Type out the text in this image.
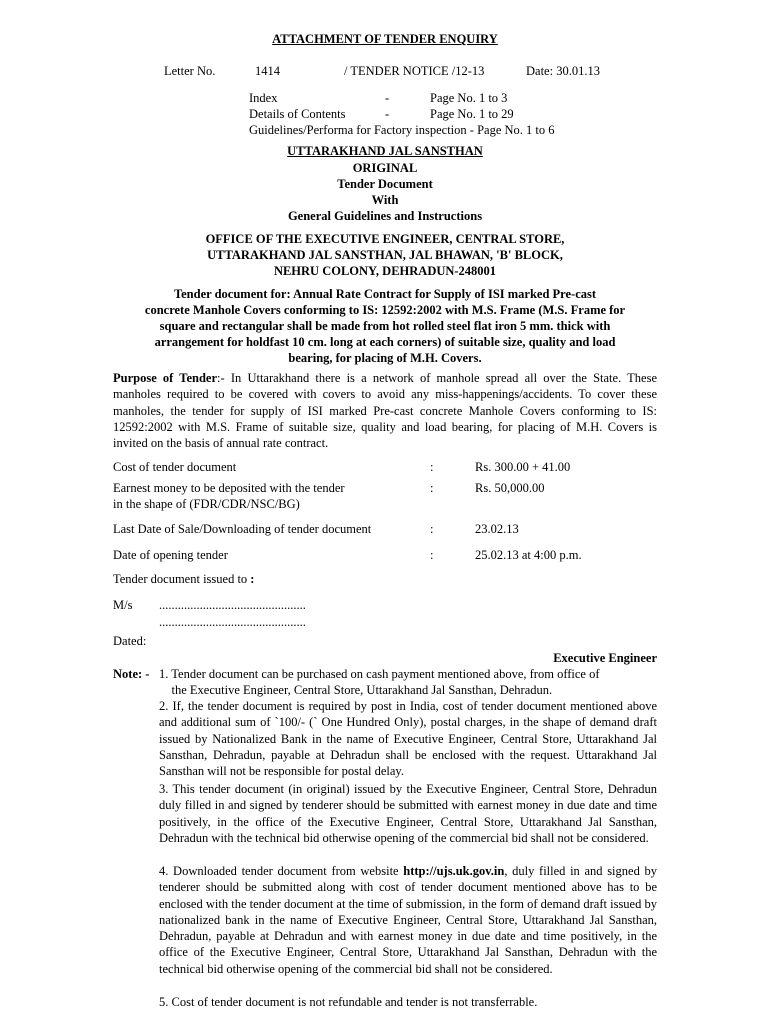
ATTACHMENT OF TENDER ENQUIRY
Letter No.	1414	/ TENDER NOTICE /12-13	Date: 30.01.13
Index	-	Page No. 1 to 3
Details of Contents	-	Page No. 1 to 29
Guidelines/Performa for Factory inspection - Page No. 1 to 6
UTTARAKHAND JAL SANSTHAN
ORIGINAL
Tender Document
With
General Guidelines and Instructions
OFFICE OF THE EXECUTIVE ENGINEER, CENTRAL STORE,
UTTARAKHAND JAL SANSTHAN, JAL BHAWAN, 'B' BLOCK,
NEHRU COLONY, DEHRADUN-248001
Tender document for: Annual Rate Contract for Supply of ISI marked Pre-cast
concrete Manhole Covers conforming to IS: 12592:2002 with M.S. Frame (M.S. Frame for
square and rectangular shall be made from hot rolled steel flat iron 5 mm. thick with
arrangement for holdfast 10 cm. long at each corners) of suitable size, quality and load
bearing, for placing of M.H. Covers.
Purpose of Tender:- In Uttarakhand there is a network of manhole spread all over the State. These manholes required to be covered with covers to avoid any miss-happenings/accidents. To cover these manholes, the tender for supply of ISI marked Pre-cast concrete Manhole Covers conforming to IS: 12592:2002 with M.S. Frame of suitable size, quality and load bearing, for placing of M.H. Covers is invited on the basis of annual rate contract.
Cost of tender document	:	Rs. 300.00 + 41.00
Earnest money to be deposited with the tender
in the shape of (FDR/CDR/NSC/BG)
:	Rs. 50,000.00
Last Date of Sale/Downloading of tender document	:	23.02.13
Date of opening tender	:	25.02.13 at 4:00 p.m.
Tender document issued to :
M/s ...............................................
...............................................
Dated:
Executive Engineer
Note: - 1. Tender document can be purchased on cash payment mentioned above, from office of
the Executive Engineer, Central Store, Uttarakhand Jal Sansthan, Dehradun.
2. If, the tender document is required by post in India, cost of tender document mentioned above and additional sum of `100/- (` One Hundred Only), postal charges, in the shape of demand draft issued by Nationalized Bank in the name of Executive Engineer, Central Store, Uttarakhand Jal Sansthan, Dehradun, payable at Dehradun shall be enclosed with the request. Uttarakhand Jal Sansthan will not be responsible for postal delay.
3. This tender document (in original) issued by the Executive Engineer, Central Store, Dehradun duly filled in and signed by tenderer should be submitted with earnest money in due date and time positively, in the office of the Executive Engineer, Central Store, Uttarakhand Jal Sansthan, Dehradun with the technical bid otherwise opening of the commercial bid shall not be considered.
4. Downloaded tender document from website http://ujs.uk.gov.in, duly filled in and signed by tenderer should be submitted along with cost of tender document mentioned above has to be enclosed with the tender document at the time of submission, in the form of demand draft issued by nationalized bank in the name of Executive Engineer, Central Store, Uttarakhand Jal Sansthan, Dehradun, payable at Dehradun and with earnest money in due date and time positively, in the office of the Executive Engineer, Central Store, Uttarakhand Jal Sansthan, Dehradun with the technical bid otherwise opening of the commercial bid shall not be considered.
5. Cost of tender document is not refundable and tender is not transferrable.
